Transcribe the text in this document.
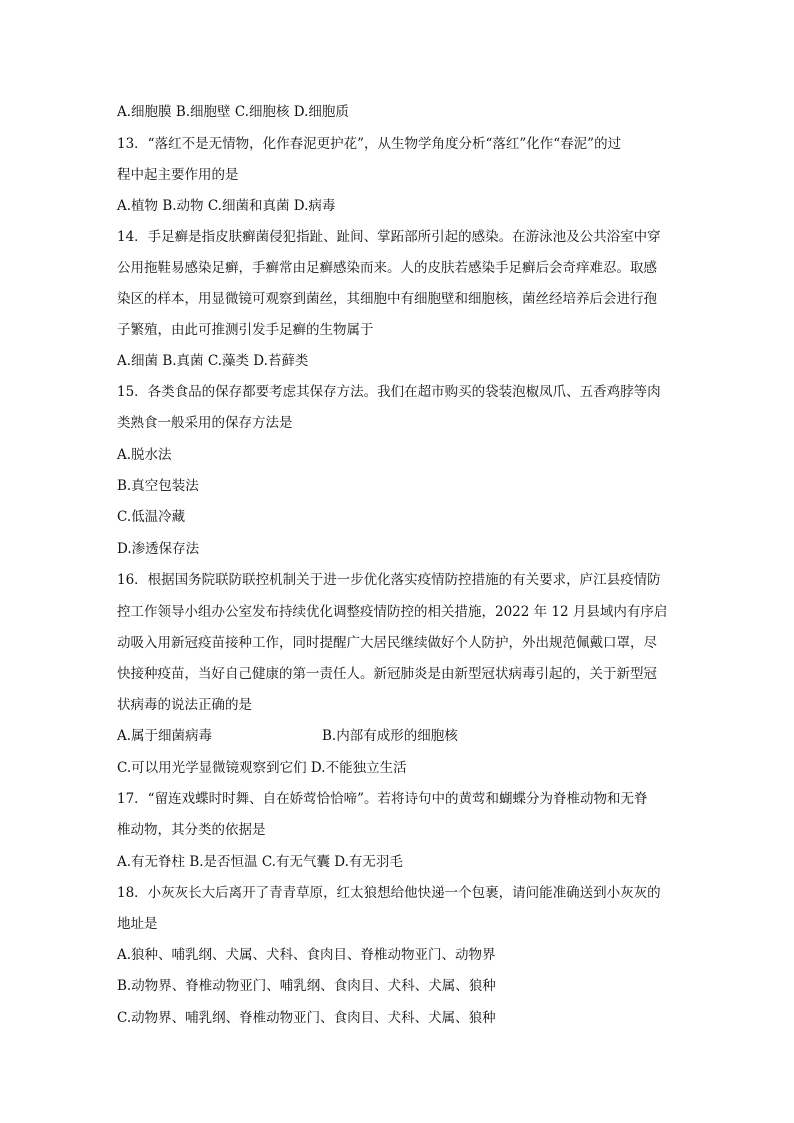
A.细胞膜 B.细胞壁 C.细胞核 D.细胞质
13．“落红不是无情物，化作春泥更护花”，从生物学角度分析“落红”化作“春泥”的过
程中起主要作用的是
A.植物 B.动物 C.细菌和真菌 D.病毒
14．手足癣是指皮肤癣菌侵犯指趾、趾间、掌跖部所引起的感染。在游泳池及公共浴室中穿
公用拖鞋易感染足癣，手癣常由足癣感染而来。人的皮肤若感染手足癣后会奇痒难忍。取感
染区的样本，用显微镜可观察到菌丝，其细胞中有细胞壁和细胞核，菌丝经培养后会进行孢
子繁殖，由此可推测引发手足癣的生物属于
A.细菌 B.真菌 C.藻类 D.苔藓类
15．各类食品的保存都要考虑其保存方法。我们在超市购买的袋装泡椒凤爪、五香鸡脖等肉
类熟食一般采用的保存方法是
A.脱水法
B.真空包装法
C.低温冷藏
D.渗透保存法
16．根据国务院联防联控机制关于进一步优化落实疫情防控措施的有关要求，庐江县疫情防
控工作领导小组办公室发布持续优化调整疫情防控的相关措施，2022 年 12 月县域内有序启
动吸入用新冠疫苗接种工作，同时提醒广大居民继续做好个人防护，外出规范佩戴口罩，尽
快接种疫苗，当好自己健康的第一责任人。新冠肺炎是由新型冠状病毒引起的，关于新型冠
状病毒的说法正确的是
A.属于细菌病毒	B.内部有成形的细胞核
C.可以用光学显微镜观察到它们 D.不能独立生活
17．“留连戏蝶时时舞、自在娇莺恰恰啼”。若将诗句中的黄莺和蝴蝶分为脊椎动物和无脊
椎动物，其分类的依据是
A.有无脊柱 B.是否恒温 C.有无气囊 D.有无羽毛
18．小灰灰长大后离开了青青草原，红太狼想给他快递一个包裹，请问能准确送到小灰灰的
地址是
A.狼种、哺乳纲、犬属、犬科、食肉目、脊椎动物亚门、动物界
B.动物界、脊椎动物亚门、哺乳纲、食肉目、犬科、犬属、狼种
C.动物界、哺乳纲、脊椎动物亚门、食肉目、犬科、犬属、狼种
